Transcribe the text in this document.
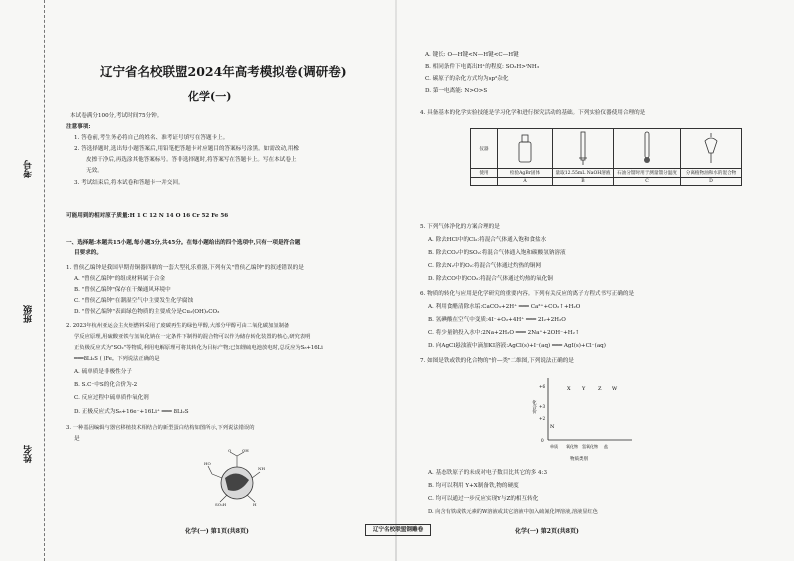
考号
班级
姓名
辽宁省名校联盟2024年高考模拟卷(调研卷)
化学(一)
本试卷满分100分,考试时间75分钟。
注意事项:
1. 答卷前,考生务必将自己的姓名、准考证号填写在答题卡上。
2. 答选择题时,选出每小题答案后,用铅笔把答题卡对应题目的答案标号涂黑。如需改动,用橡
皮擦干净后,再选涂其他答案标号。答非选择题时,将答案写在答题卡上。写在本试卷上
无效。
3. 考试结束后,将本试卷和答题卡一并交回。
可能用到的相对原子质量:H 1 C 12 N 14 O 16 Cr 52 Fe 56
一、选择题:本题共15小题,每小题3分,共45分。在每小题给出的四个选项中,只有一项是符合题
目要求的。
1. 曾侯乙编钟是我国早期青铜器四鼎的一套大型礼乐重器,下列有关"曾侯乙编钟"的叙述错误的是
A. "曾侯乙编钟"的组成材料属于合金
B. "曾侯乙编钟"保存在干燥通风环境中
C. "曾侯乙编钟"在潮湿空气中主要发生化学腐蚀
D. "曾侯乙编钟"表面绿色物质的主要成分是Cu₂(OH)₂CO₃
2. 2023年杭州亚运会主火炬燃料采用了废碳再生的绿色甲醇,大部分甲醇可由二氧化碳加氢制备
学反应原理,用硫酸亚铁与氢氧化钠在一定条件下制得的混合物可以作为储存转化装置的核心,研究表明
正负极反应式为"SO₂"等物质,利用电解原理可将其转化为目标产物;已知锂硫电池放电时,总反应为S₈+16Li
═══8Li₂S ( )Fe。下列说法正确的是
A. 硫单质是非极性分子
B. S.C⁻中S的化合价为-2
C. 反应过程中硫单质作氧化剂
D. 正极反应式为S₈+16e⁻+16Li⁺ ═══ 8Li₂S
3. 一种基因编辑与器官移植技术相结合的新型蛋白结构如图所示,下列说法错误的
是
O	OH
HO
NH
SO₃H	H
A. 键长: O—H键<N—H键<C—H键
B. 相同条件下电离出H⁺的程度: SO₂H>ⁱNH₃
C. 碳原子的杂化方式均为sp²杂化
D. 第一电离能: N>O>S
4. 具备基本的化学实验技能是学习化学和进行探究活动的基础。下列实验仪器使用合理的是
仪器				
使用	检验AgBr固体	量取12.55mL NaOH溶液	石油分馏时用于测量馏分温度	分离植物油和水的混合物
	A	B	C	D
5. 下列气体净化的方案合理的是
A. 除去HCl中的Cl₂:将混合气体通入饱和食盐水
B. 除去CO₂中的SO₂:将混合气体通入饱和碳酸氢钠溶液
C. 除去N₂中的O₂:将混合气体通过灼热的铜网
D. 除去CO中的CO₂:将混合气体通过灼热的氧化铜
6. 物质的转化与应用是化学研究的重要内容。下列有关反应的离子方程式书写正确的是
A. 利用食醋清除水垢:CaCO₃+2H⁺ ═══ Ca²⁺+CO₂↑+H₂O
B. 氢碘酸在空气中变质:4I⁻+O₂+4H⁺ ═══ 2I₂+2H₂O
C. 将少量钠投入水中:2Na+2H₂O ═══ 2Na⁺+2OH⁻+H₂↑
D. 向AgCl悬浊液中滴加KI溶液:AgCl(s)+I⁻(aq) ═══ AgI(s)+Cl⁻(aq)
7. 如图是铁或铁的化合物的"价—类"二维图,下列说法正确的是
化合价
物质类别
+6
+3
+2
0
单质 氧化物 氢氧化物 盐
X Y	Z W
N
A. 基态铁原子的未成对电子数目比其它的多 4:3
B. 均可以利用 Y+X制备铁,物的硬度
C. 均可以通过一步反应实现Y与Z的相互转化
D. 向含有铁或铁元素的W溶液或其它溶液中加入硫氰化钾溶液,溶液显红色
化学(一) 第1页(共8页)	辽宁名校联盟钢雕卷	化学(一) 第2页(共8页)
